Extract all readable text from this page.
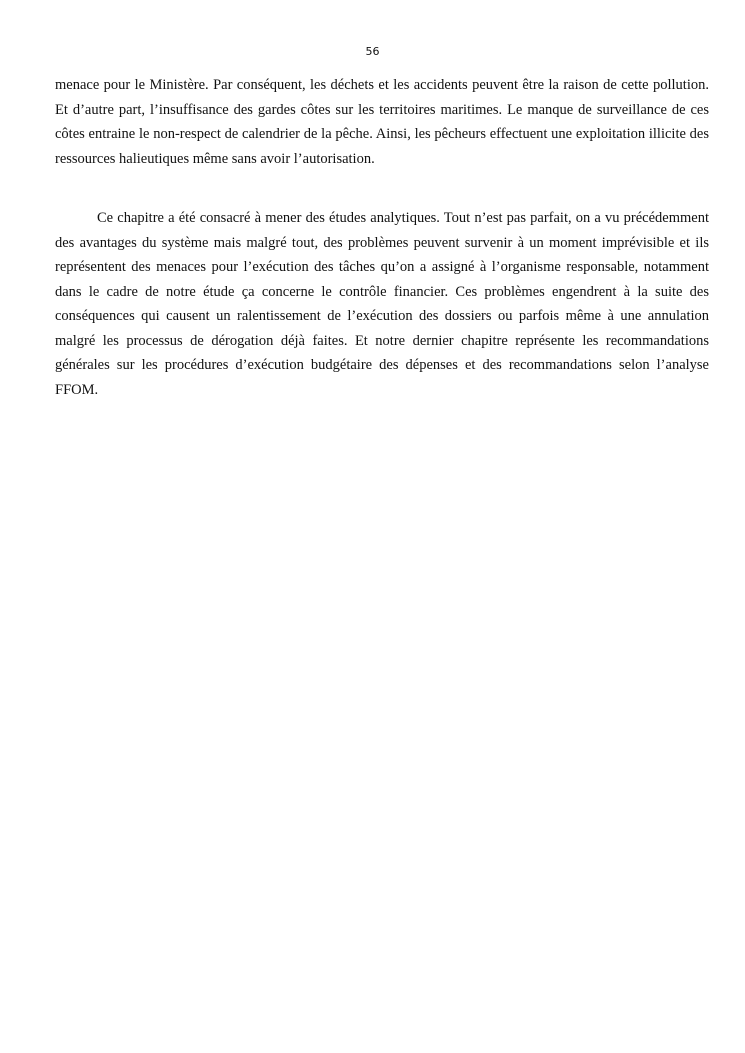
56

menace pour le Ministère. Par conséquent, les déchets et les accidents peuvent être la raison de cette pollution. Et d’autre part, l’insuffisance des gardes côtes sur les territoires maritimes. Le manque de surveillance de ces côtes entraine le non-respect de calendrier de la pêche. Ainsi, les pêcheurs effectuent une exploitation illicite des ressources halieutiques même sans avoir l’autorisation.

Ce chapitre a été consacré à mener des études analytiques. Tout n’est pas parfait, on a vu précédemment des avantages du système mais malgré tout, des problèmes peuvent survenir à un moment imprévisible et ils représentent des menaces pour l’exécution des tâches qu’on a assigné à l’organisme responsable, notamment dans le cadre de notre étude ça concerne le contrôle financier. Ces problèmes engendrent à la suite des conséquences qui causent un ralentissement de l’exécution des dossiers ou parfois même à une annulation malgré les processus de dérogation déjà faites. Et notre dernier chapitre représente les recommandations générales sur les procédures d’exécution budgétaire des dépenses et des recommandations selon l’analyse FFOM.
